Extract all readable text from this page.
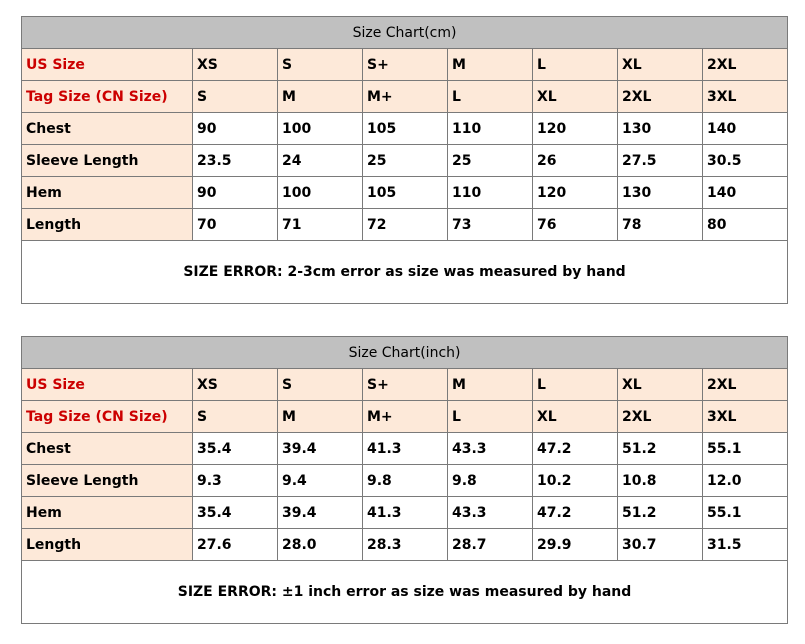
Size Chart(cm)							
US Size	XS	S	S+	M	L	XL	2XL
Tag Size (CN Size)	S	M	M+	L	XL	2XL	3XL
Chest	90	100	105	110	120	130	140
Sleeve Length	23.5	24	25	25	26	27.5	30.5
Hem	90	100	105	110	120	130	140
Length	70	71	72	73	76	78	80
SIZE ERROR: 2-3cm error as size was measured by hand							
Size Chart(inch)							
US Size	XS	S	S+	M	L	XL	2XL
Tag Size (CN Size)	S	M	M+	L	XL	2XL	3XL
Chest	35.4	39.4	41.3	43.3	47.2	51.2	55.1
Sleeve Length	9.3	9.4	9.8	9.8	10.2	10.8	12.0
Hem	35.4	39.4	41.3	43.3	47.2	51.2	55.1
Length	27.6	28.0	28.3	28.7	29.9	30.7	31.5
SIZE ERROR: ±1 inch error as size was measured by hand							
